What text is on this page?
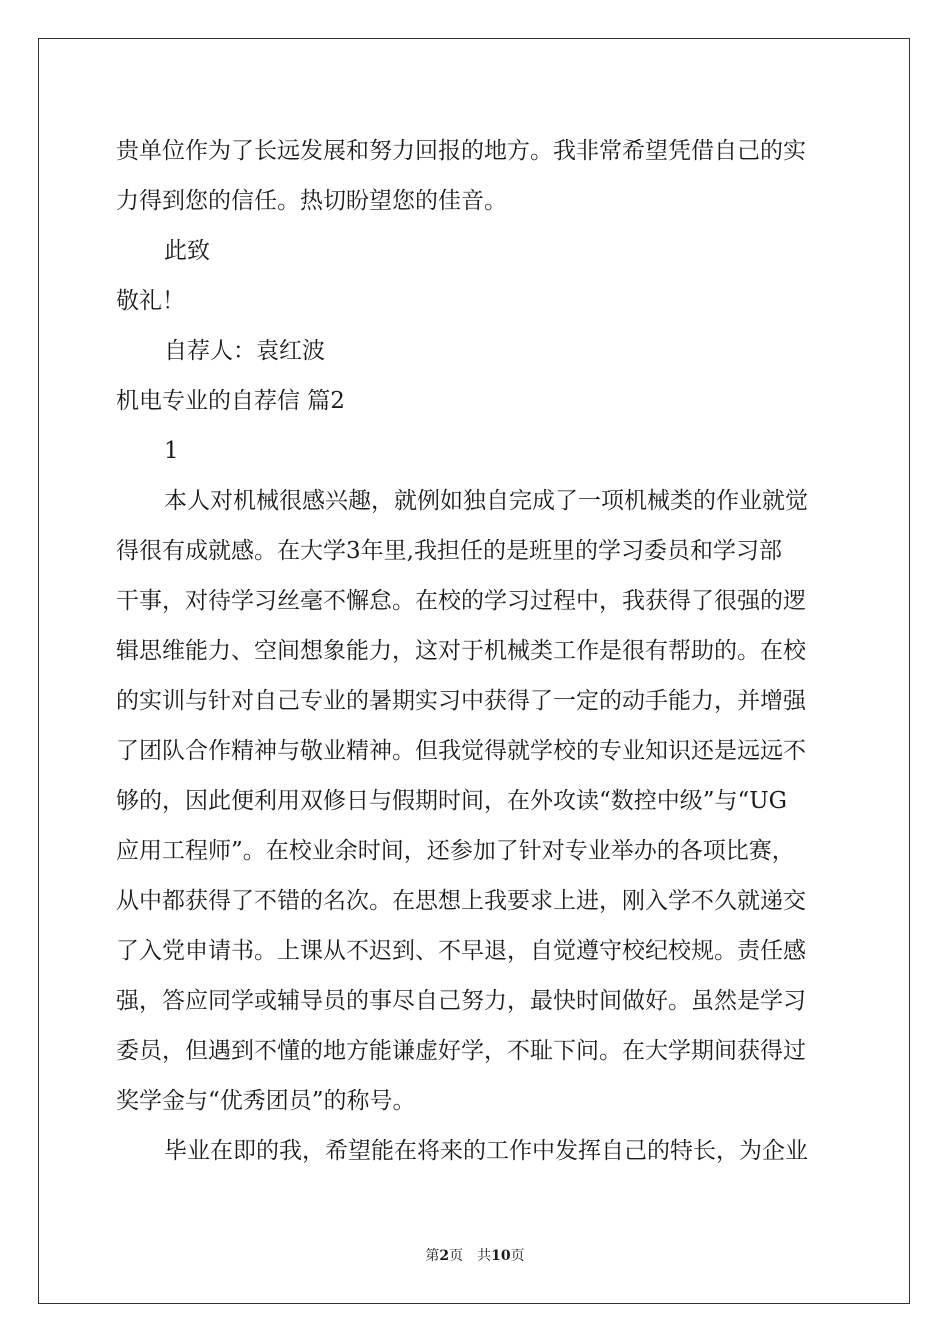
贵单位作为了长远发展和努力回报的地方。我非常希望凭借自己的实
力得到您的信任。热切盼望您的佳音。
此致
敬礼！
自荐人：袁红波
机电专业的自荐信 篇2
1
本人对机械很感兴趣，就例如独自完成了一项机械类的作业就觉
得很有成就感。在大学3年里,我担任的是班里的学习委员和学习部
干事，对待学习丝毫不懈怠。在校的学习过程中，我获得了很强的逻
辑思维能力、空间想象能力，这对于机械类工作是很有帮助的。在校
的实训与针对自己专业的暑期实习中获得了一定的动手能力，并增强
了团队合作精神与敬业精神。但我觉得就学校的专业知识还是远远不
够的，因此便利用双修日与假期时间，在外攻读“数控中级”与“UG
应用工程师”。在校业余时间，还参加了针对专业举办的各项比赛，
从中都获得了不错的名次。在思想上我要求上进，刚入学不久就递交
了入党申请书。上课从不迟到、不早退，自觉遵守校纪校规。责任感
强，答应同学或辅导员的事尽自己努力，最快时间做好。虽然是学习
委员，但遇到不懂的地方能谦虚好学，不耻下问。在大学期间获得过
奖学金与“优秀团员”的称号。
毕业在即的我，希望能在将来的工作中发挥自己的特长，为企业
第2页　共10页
